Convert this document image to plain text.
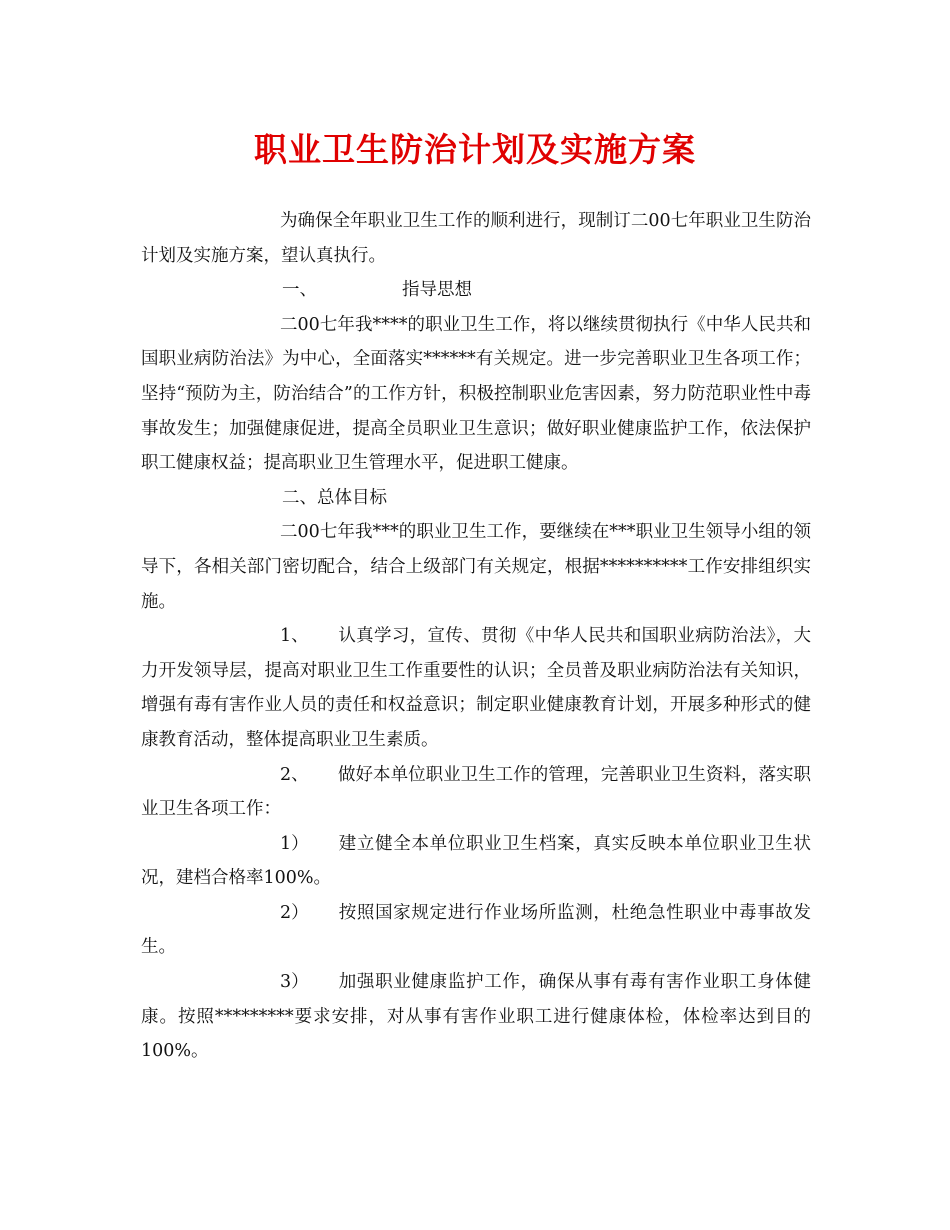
职业卫生防治计划及实施方案

为确保全年职业卫生工作的顺利进行，现制订二00七年职业卫生防治计划及实施方案，望认真执行。

一、	指导思想

二00七年我****的职业卫生工作，将以继续贯彻执行《中华人民共和国职业病防治法》为中心，全面落实******有关规定。进一步完善职业卫生各项工作；坚持“预防为主，防治结合”的工作方针，积极控制职业危害因素，努力防范职业性中毒事故发生；加强健康促进，提高全员职业卫生意识；做好职业健康监护工作，依法保护职工健康权益；提高职业卫生管理水平，促进职工健康。

二、总体目标

二00七年我***的职业卫生工作，要继续在***职业卫生领导小组的领导下，各相关部门密切配合，结合上级部门有关规定，根据**********工作安排组织实施。

1、 认真学习，宣传、贯彻《中华人民共和国职业病防治法》，大力开发领导层，提高对职业卫生工作重要性的认识；全员普及职业病防治法有关知识，增强有毒有害作业人员的责任和权益意识；制定职业健康教育计划，开展多种形式的健康教育活动，整体提高职业卫生素质。

2、 做好本单位职业卫生工作的管理，完善职业卫生资料，落实职业卫生各项工作：

1） 建立健全本单位职业卫生档案，真实反映本单位职业卫生状况，建档合格率100%。

2） 按照国家规定进行作业场所监测，杜绝急性职业中毒事故发生。

3） 加强职业健康监护工作，确保从事有毒有害作业职工身体健康。按照*********要求安排，对从事有害作业职工进行健康体检，体检率达到目的100%。
